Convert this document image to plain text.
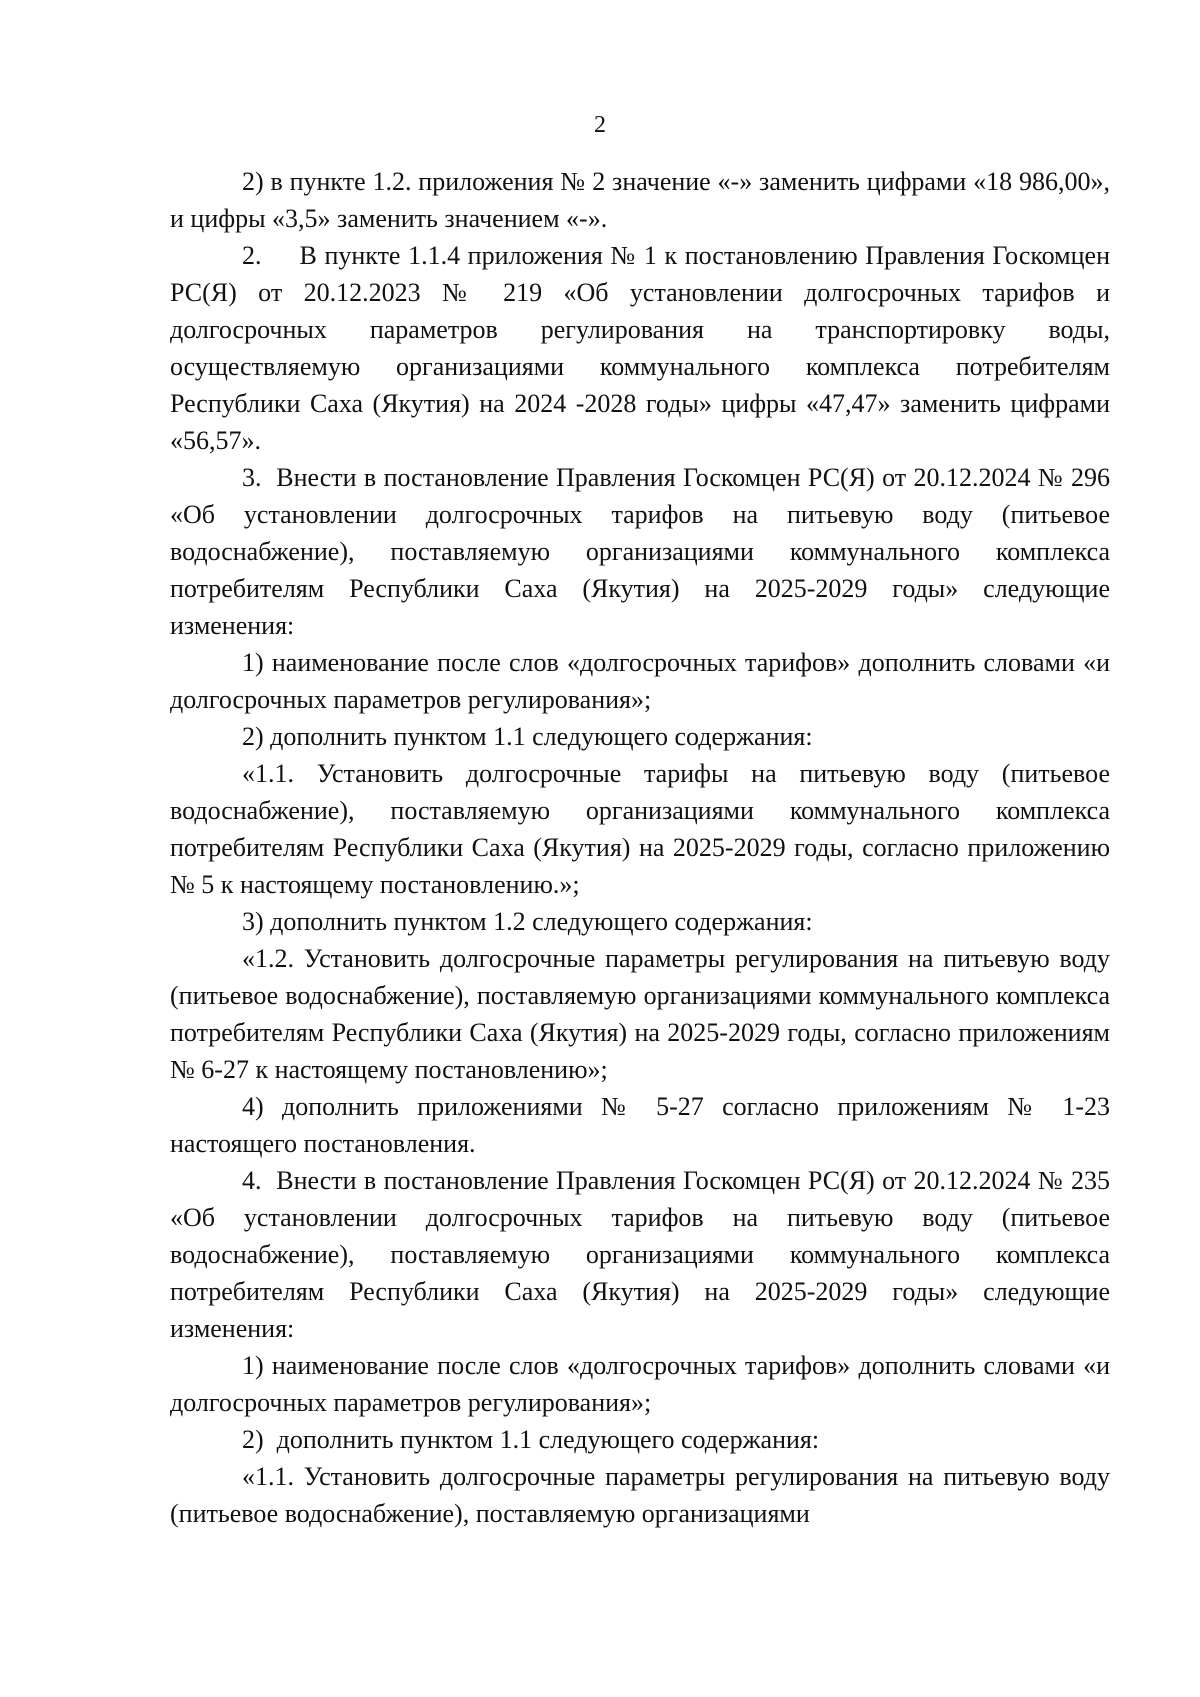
2

2) в пункте 1.2. приложения № 2 значение «-» заменить цифрами «18 986,00», и цифры «3,5» заменить значением «-».

2.     В пункте 1.1.4 приложения № 1 к постановлению Правления Госкомцен РС(Я) от 20.12.2023 № 219 «Об установлении долгосрочных тарифов и долгосрочных параметров регулирования на транспортировку воды, осуществляемую организациями коммунального комплекса потребителям Республики Саха (Якутия) на 2024 -2028 годы» цифры «47,47» заменить цифрами «56,57».

3.  Внести в постановление Правления Госкомцен РС(Я) от 20.12.2024 № 296 «Об установлении долгосрочных тарифов на питьевую воду (питьевое водоснабжение), поставляемую организациями коммунального комплекса потребителям Республики Саха (Якутия) на 2025-2029 годы» следующие изменения:

1) наименование после слов «долгосрочных тарифов» дополнить словами «и долгосрочных параметров регулирования»;

2) дополнить пунктом 1.1 следующего содержания:

«1.1. Установить долгосрочные тарифы на питьевую воду (питьевое водоснабжение), поставляемую организациями коммунального комплекса потребителям Республики Саха (Якутия) на 2025-2029 годы, согласно приложению № 5 к настоящему постановлению.»;

3) дополнить пунктом 1.2 следующего содержания:

«1.2. Установить долгосрочные параметры регулирования на питьевую воду (питьевое водоснабжение), поставляемую организациями коммунального комплекса потребителям Республики Саха (Якутия) на 2025-2029 годы, согласно приложениям № 6-27 к настоящему постановлению»;

4) дополнить приложениями № 5-27 согласно приложениям № 1-23 настоящего постановления.

4.  Внести в постановление Правления Госкомцен РС(Я) от 20.12.2024 № 235 «Об установлении долгосрочных тарифов на питьевую воду (питьевое водоснабжение), поставляемую организациями коммунального комплекса потребителям Республики Саха (Якутия) на 2025-2029 годы» следующие изменения:

1) наименование после слов «долгосрочных тарифов» дополнить словами «и долгосрочных параметров регулирования»;

2)  дополнить пунктом 1.1 следующего содержания:

«1.1. Установить долгосрочные параметры регулирования на питьевую воду (питьевое водоснабжение), поставляемую организациями
